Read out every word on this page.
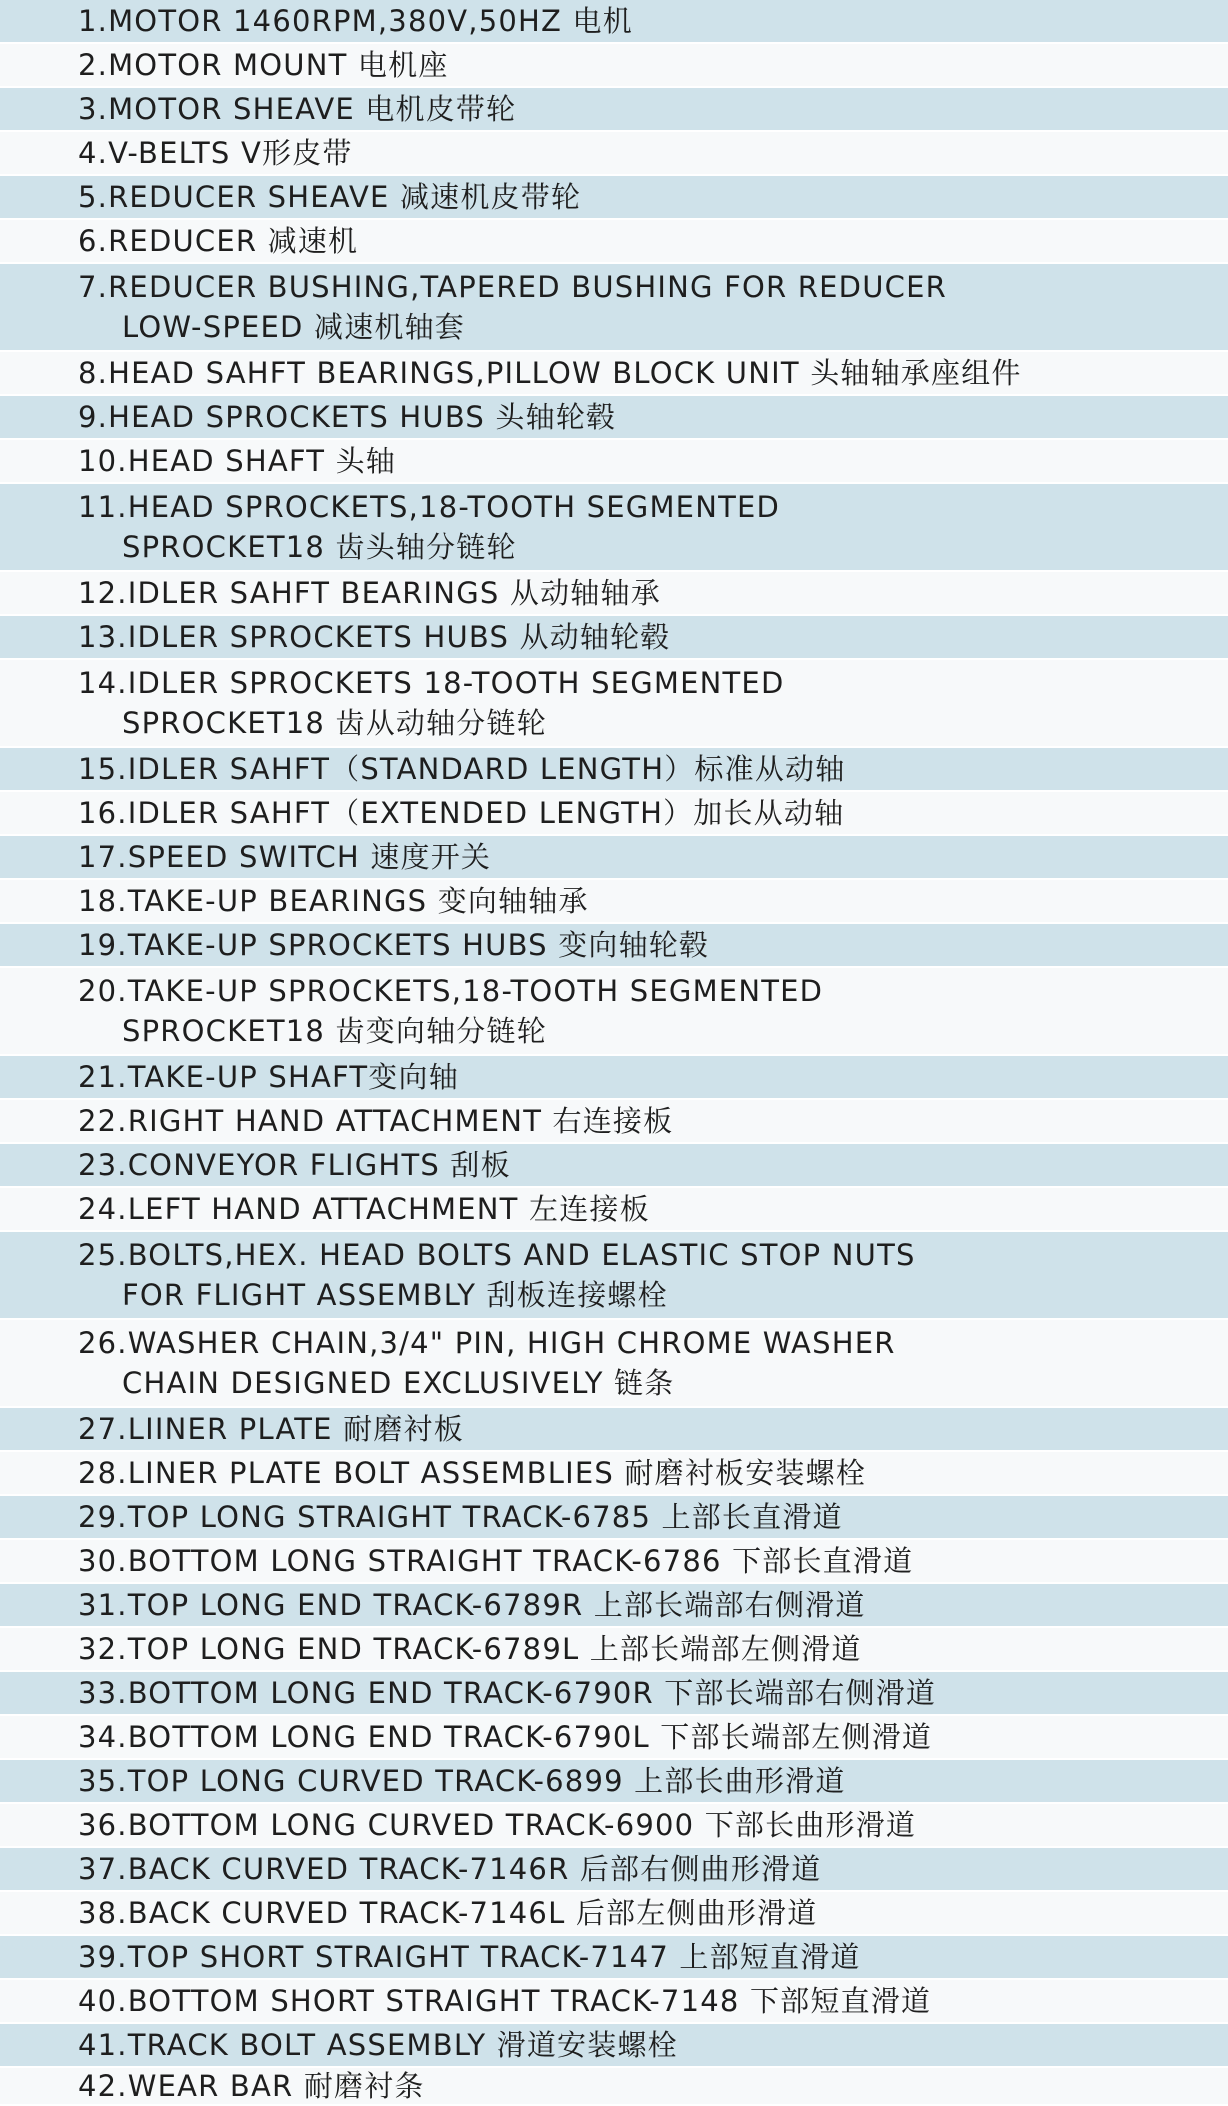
1.MOTOR 1460RPM,380V,50HZ 电机
2.MOTOR MOUNT 电机座
3.MOTOR SHEAVE 电机皮带轮
4.V-BELTS V形皮带
5.REDUCER SHEAVE 减速机皮带轮
6.REDUCER 减速机
7.REDUCER BUSHING,TAPERED BUSHING FOR REDUCER
LOW-SPEED 减速机轴套
8.HEAD SAHFT BEARINGS,PILLOW BLOCK UNIT 头轴轴承座组件
9.HEAD SPROCKETS HUBS 头轴轮毂
10.HEAD SHAFT 头轴
11.HEAD SPROCKETS,18-TOOTH SEGMENTED
SPROCKET18 齿头轴分链轮
12.IDLER SAHFT BEARINGS 从动轴轴承
13.IDLER SPROCKETS HUBS 从动轴轮毂
14.IDLER SPROCKETS 18-TOOTH SEGMENTED
SPROCKET18 齿从动轴分链轮
15.IDLER SAHFT（STANDARD LENGTH）标准从动轴
16.IDLER SAHFT（EXTENDED LENGTH）加长从动轴
17.SPEED SWITCH 速度开关
18.TAKE-UP BEARINGS 变向轴轴承
19.TAKE-UP SPROCKETS HUBS 变向轴轮毂
20.TAKE-UP SPROCKETS,18-TOOTH SEGMENTED
SPROCKET18 齿变向轴分链轮
21.TAKE-UP SHAFT变向轴
22.RIGHT HAND ATTACHMENT 右连接板
23.CONVEYOR FLIGHTS 刮板
24.LEFT HAND ATTACHMENT 左连接板
25.BOLTS,HEX. HEAD BOLTS AND ELASTIC STOP NUTS
FOR FLIGHT ASSEMBLY 刮板连接螺栓
26.WASHER CHAIN,3/4" PIN, HIGH CHROME WASHER
CHAIN DESIGNED EXCLUSIVELY 链条
27.LIINER PLATE 耐磨衬板
28.LINER PLATE BOLT ASSEMBLIES 耐磨衬板安装螺栓
29.TOP LONG STRAIGHT TRACK-6785 上部长直滑道
30.BOTTOM LONG STRAIGHT TRACK-6786 下部长直滑道
31.TOP LONG END TRACK-6789R 上部长端部右侧滑道
32.TOP LONG END TRACK-6789L 上部长端部左侧滑道
33.BOTTOM LONG END TRACK-6790R 下部长端部右侧滑道
34.BOTTOM LONG END TRACK-6790L 下部长端部左侧滑道
35.TOP LONG CURVED TRACK-6899 上部长曲形滑道
36.BOTTOM LONG CURVED TRACK-6900 下部长曲形滑道
37.BACK CURVED TRACK-7146R 后部右侧曲形滑道
38.BACK CURVED TRACK-7146L 后部左侧曲形滑道
39.TOP SHORT STRAIGHT TRACK-7147 上部短直滑道
40.BOTTOM SHORT STRAIGHT TRACK-7148 下部短直滑道
41.TRACK BOLT ASSEMBLY 滑道安装螺栓
42.WEAR BAR 耐磨衬条
